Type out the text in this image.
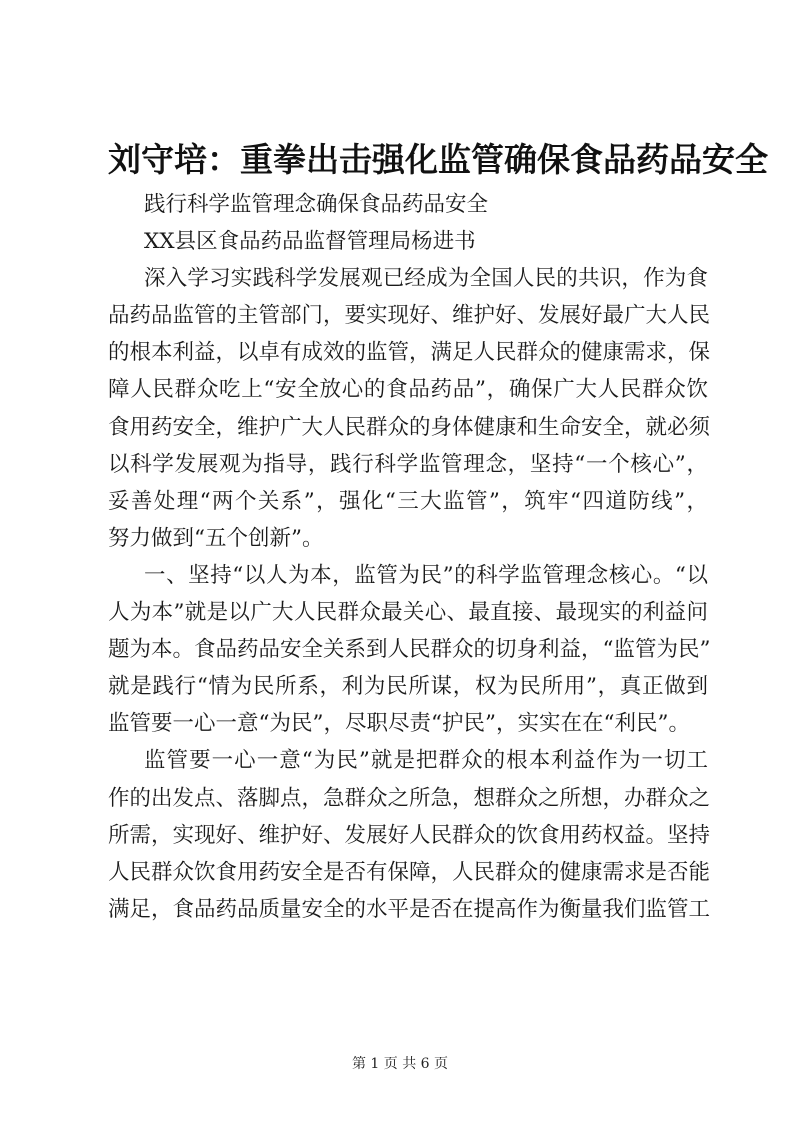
刘守培：重拳出击强化监管确保食品药品安全
践行科学监管理念确保食品药品安全
XX县区食品药品监督管理局杨进书
深入学习实践科学发展观已经成为全国人民的共识，作为食
品药品监管的主管部门，要实现好、维护好、发展好最广大人民
的根本利益，以卓有成效的监管，满足人民群众的健康需求，保
障人民群众吃上“安全放心的食品药品”，确保广大人民群众饮
食用药安全，维护广大人民群众的身体健康和生命安全，就必须
以科学发展观为指导，践行科学监管理念，坚持“一个核心”，
妥善处理“两个关系”，强化“三大监管”，筑牢“四道防线”，
努力做到“五个创新”。
一、坚持“以人为本，监管为民”的科学监管理念核心。“以
人为本”就是以广大人民群众最关心、最直接、最现实的利益问
题为本。食品药品安全关系到人民群众的切身利益，“监管为民”
就是践行“情为民所系，利为民所谋，权为民所用”，真正做到
监管要一心一意“为民”，尽职尽责“护民”，实实在在“利民”。
监管要一心一意“为民”就是把群众的根本利益作为一切工
作的出发点、落脚点，急群众之所急，想群众之所想，办群众之
所需，实现好、维护好、发展好人民群众的饮食用药权益。坚持
人民群众饮食用药安全是否有保障，人民群众的健康需求是否能
满足，食品药品质量安全的水平是否在提高作为衡量我们监管工
第 1 页 共 6 页
